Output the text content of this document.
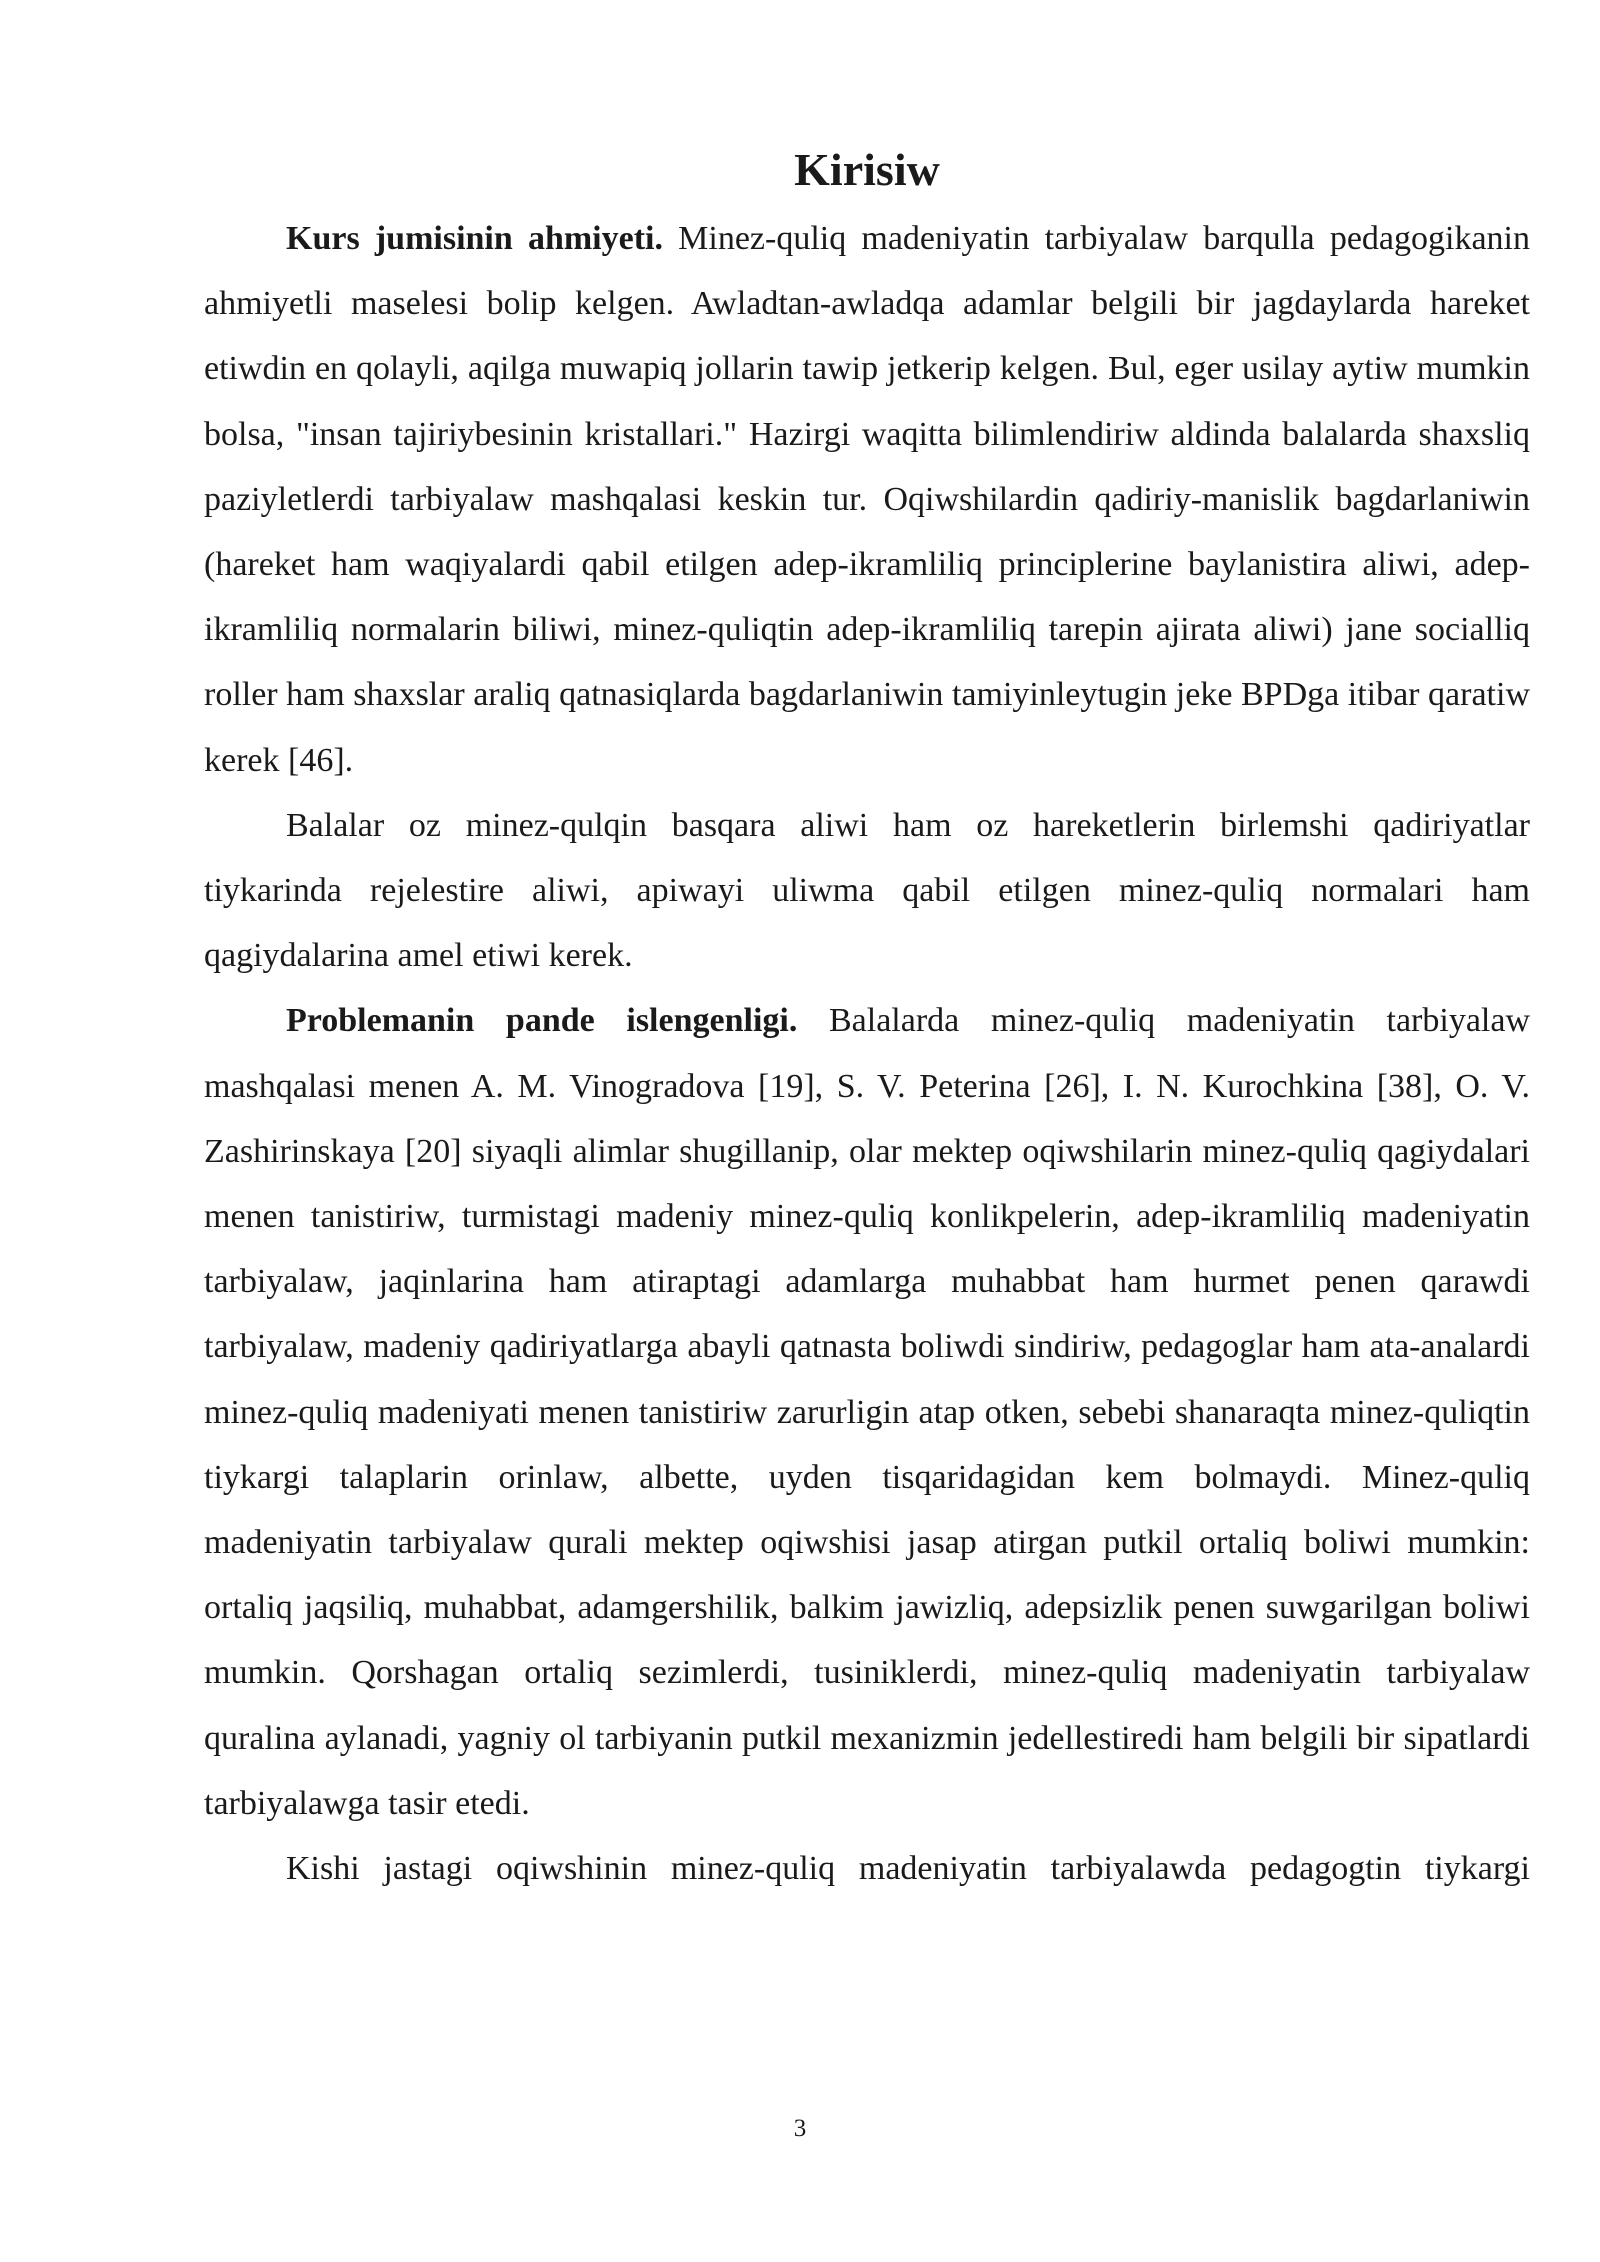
Kirisiw

Kurs jumisinin ahmiyeti. Minez-quliq madeniyatin tarbiyalaw barqulla pedagogikanin ahmiyetli maselesi bolip kelgen. Awladtan-awladqa adamlar belgili bir jagdaylarda hareket etiwdin en qolayli, aqilga muwapiq jollarin tawip jetkerip kelgen. Bul, eger usilay aytiw mumkin bolsa, "insan tajiriybesinin kristallari." Hazirgi waqitta bilimlendiriw aldinda balalarda shaxsliq paziyletlerdi tarbiyalaw mashqalasi keskin tur. Oqiwshilardin qadiriy-manislik bagdarlaniwin (hareket ham waqiyalardi qabil etilgen adep-ikramliliq principlerine baylanistira aliwi, adep-ikramliliq normalarin biliwi, minez-quliqtin adep-ikramliliq tarepin ajirata aliwi) jane socialliq roller ham shaxslar araliq qatnasiqlarda bagdarlaniwin tamiyinleytugin jeke BPDga itibar qaratiw kerek [46].

Balalar oz minez-qulqin basqara aliwi ham oz hareketlerin birlemshi qadiriyatlar tiykarinda rejelestire aliwi, apiwayi uliwma qabil etilgen minez-quliq normalari ham qagiydalarina amel etiwi kerek.

Problemanin pande islengenligi. Balalarda minez-quliq madeniyatin tarbiyalaw mashqalasi menen A. M. Vinogradova [19], S. V. Peterina [26], I. N. Kurochkina [38], O. V. Zashirinskaya [20] siyaqli alimlar shugillanip, olar mektep oqiwshilarin minez-quliq qagiydalari menen tanistiriw, turmistagi madeniy minez-quliq konlikpelerin, adep-ikramliliq madeniyatin tarbiyalaw, jaqinlarina ham atiraptagi adamlarga muhabbat ham hurmet penen qarawdi tarbiyalaw, madeniy qadiriyatlarga abayli qatnasta boliwdi sindiriw, pedagoglar ham ata-analardi minez-quliq madeniyati menen tanistiriw zarurligin atap otken, sebebi shanaraqta minez-quliqtin tiykargi talaplarin orinlaw, albette, uyden tisqaridagidan kem bolmaydi. Minez-quliq madeniyatin tarbiyalaw qurali mektep oqiwshisi jasap atirgan putkil ortaliq boliwi mumkin: ortaliq jaqsiliq, muhabbat, adamgershilik, balkim jawizliq, adepsizlik penen suwgarilgan boliwi mumkin. Qorshagan ortaliq sezimlerdi, tusiniklerdi, minez-quliq madeniyatin tarbiyalaw quralina aylanadi, yagniy ol tarbiyanin putkil mexanizmin jedellestiredi ham belgili bir sipatlardi tarbiyalawga tasir etedi.

Kishi jastagi oqiwshinin minez-quliq madeniyatin tarbiyalawda pedagogtin tiykargi

3
